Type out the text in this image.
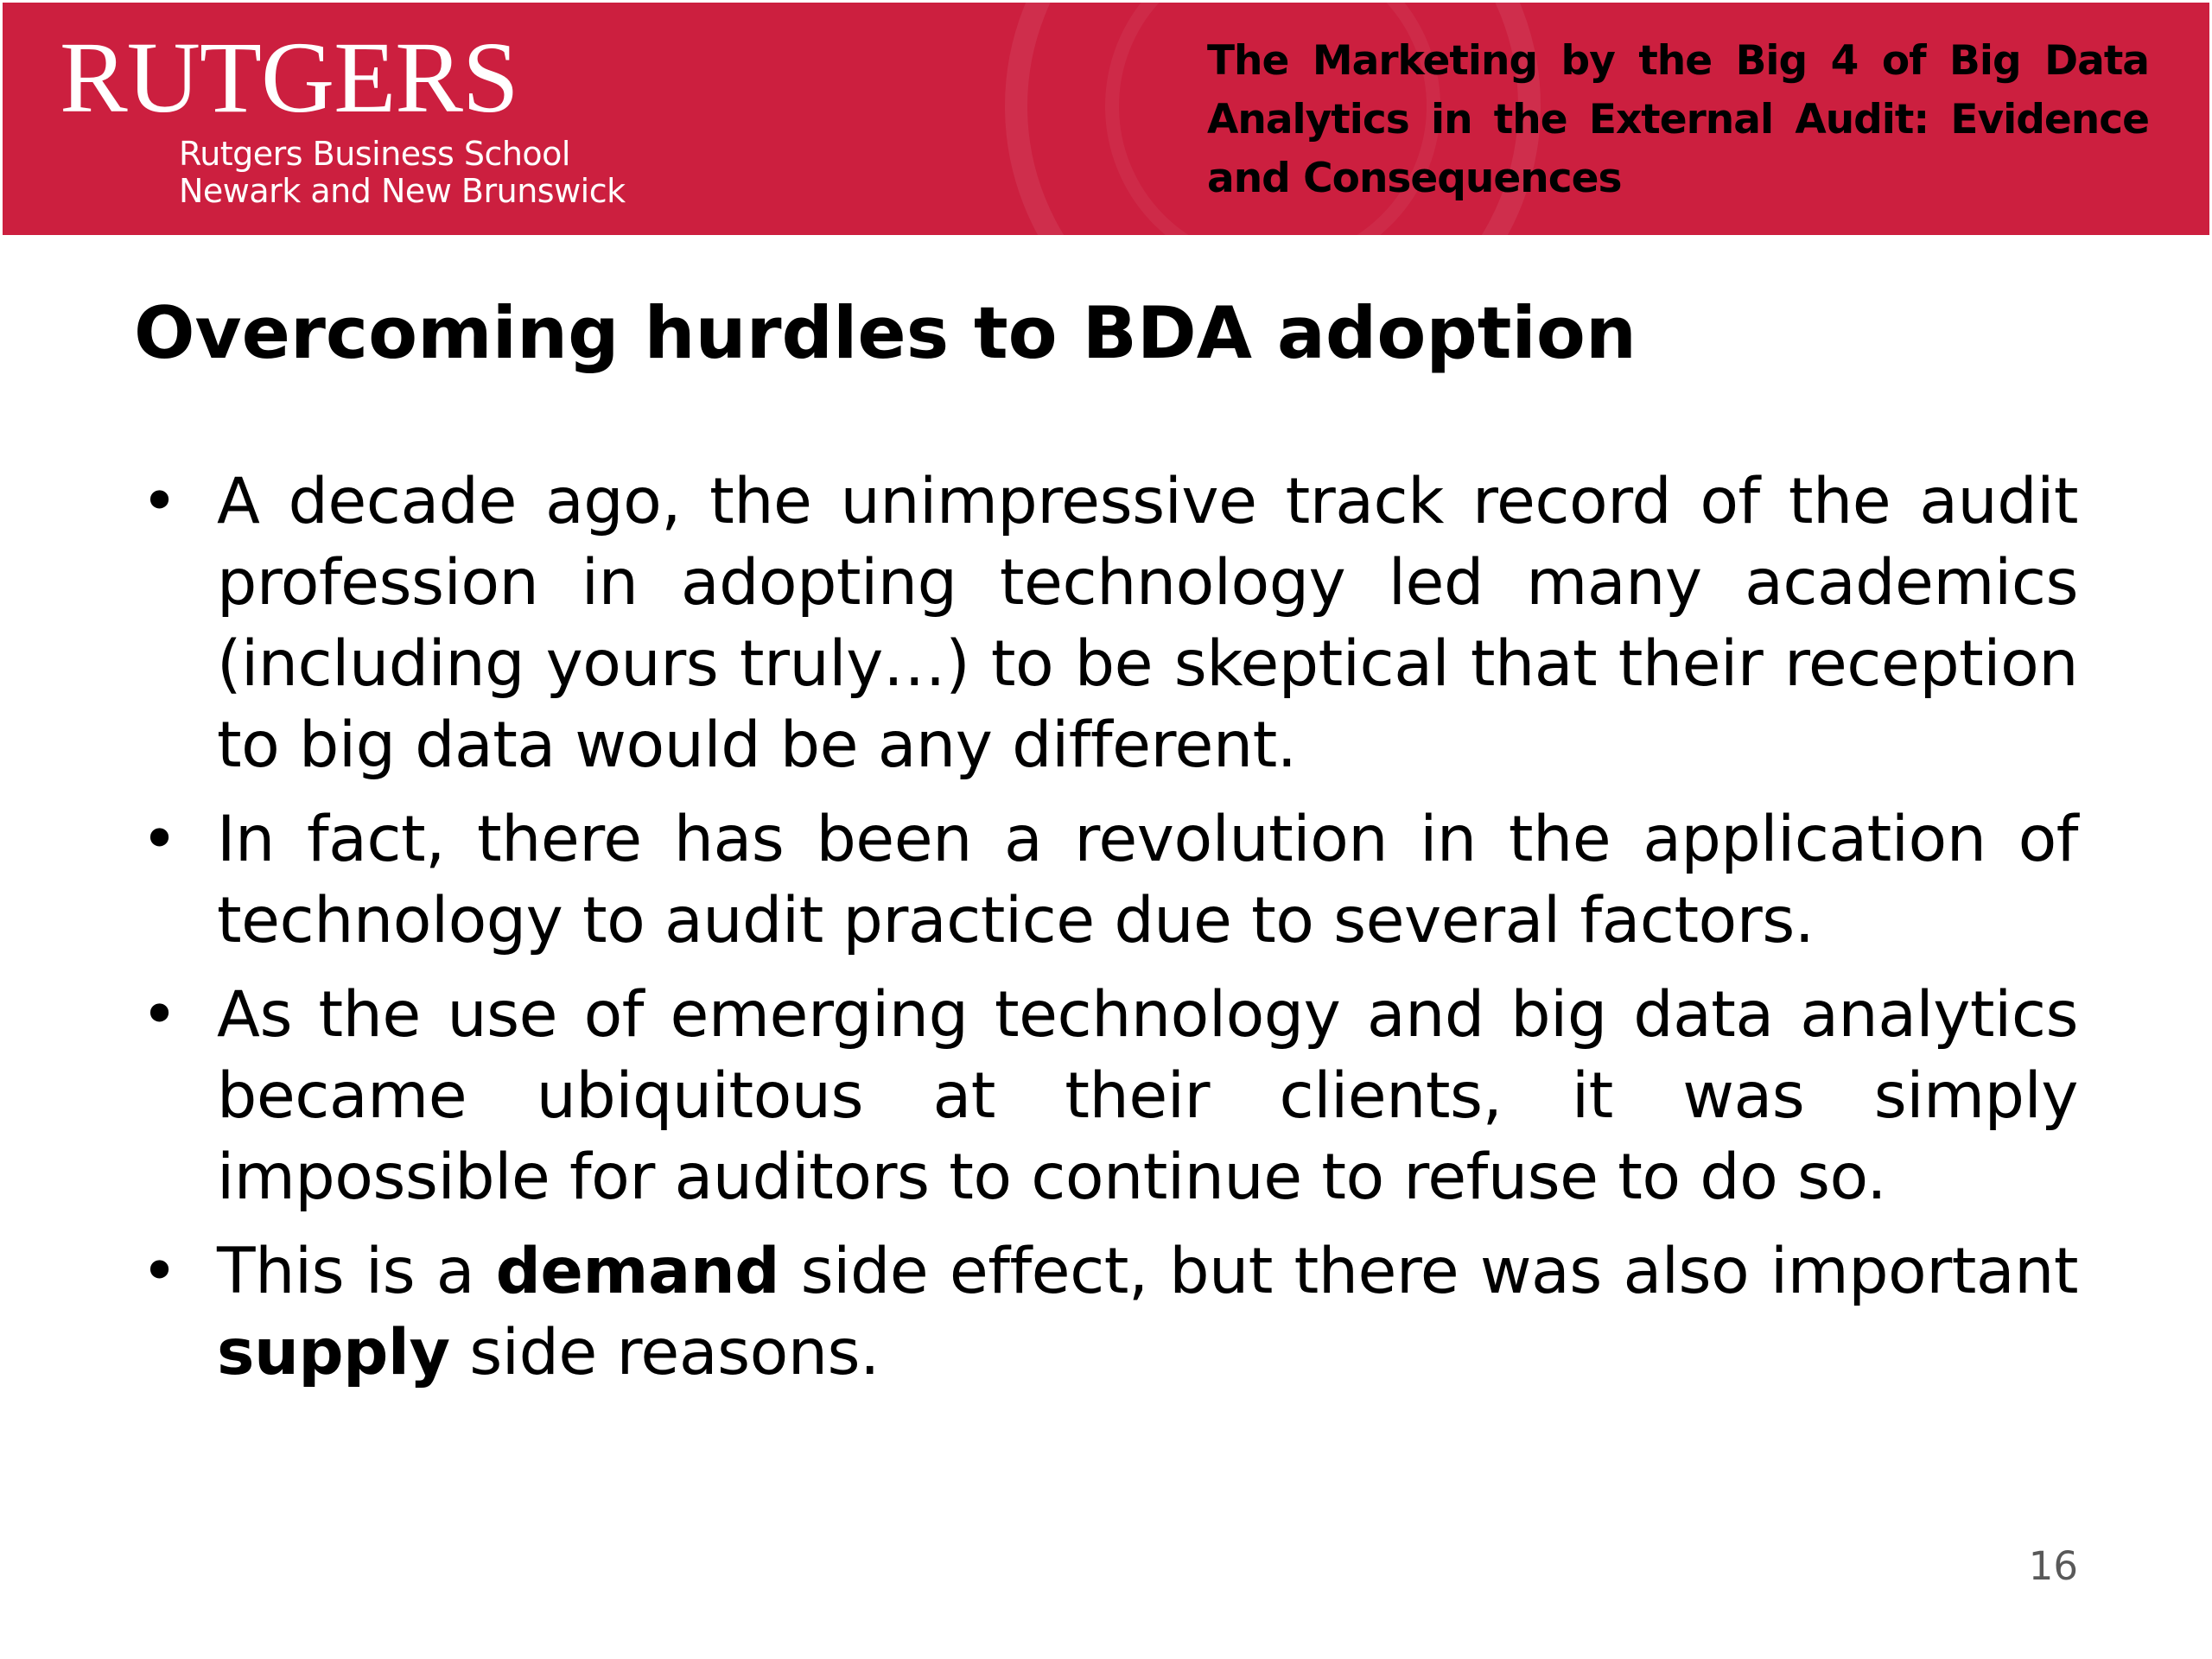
RUTGERS
Rutgers Business School
Newark and New Brunswick
The Marketing by the Big 4 of Big Data Analytics in the External Audit: Evidence and Consequences
Overcoming hurdles to BDA adoption
• A decade ago, the unimpressive track record of the audit profession in adopting technology led many academics (including yours truly…) to be skeptical that their reception to big data would be any different.
• In fact, there has been a revolution in the application of technology to audit practice due to several factors.
• As the use of emerging technology and big data analytics became ubiquitous at their clients, it was simply impossible for auditors to continue to refuse to do so.
• This is a demand side effect, but there was also important supply side reasons.
16
